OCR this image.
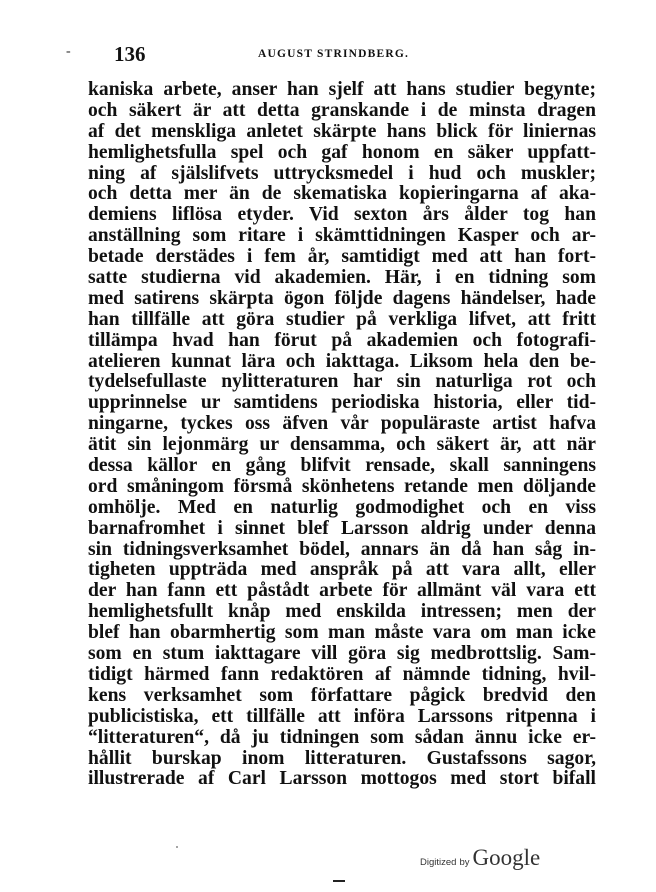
- 136	AUGUST STRINDBERG.
kaniska arbete, anser han sjelf att hans studier begynte;
och säkert är att detta granskande i de minsta dragen
af det menskliga anletet skärpte hans blick för liniernas
hemlighetsfulla spel och gaf honom en säker uppfatt-
ning af själslifvets uttrycksmedel i hud och muskler;
och detta mer än de skematiska kopieringarna af aka-
demiens liflösa etyder. Vid sexton års ålder tog han
anställning som ritare i skämttidningen Kasper och ar-
betade derstädes i fem år, samtidigt med att han fort-
satte studierna vid akademien. Här, i en tidning som
med satirens skärpta ögon följde dagens händelser, hade
han tillfälle att göra studier på verkliga lifvet, att fritt
tillämpa hvad han förut på akademien och fotografi-
atelieren kunnat lära och iakttaga. Liksom hela den be-
tydelsefullaste nylitteraturen har sin naturliga rot och
upprinnelse ur samtidens periodiska historia, eller tid-
ningarne, tyckes oss äfven vår populäraste artist hafva
ätit sin lejonmärg ur densamma, och säkert är, att när
dessa källor en gång blifvit rensade, skall sanningens
ord småningom försmå skönhetens retande men döljande
omhölje. Med en naturlig godmodighet och en viss
barnafromhet i sinnet blef Larsson aldrig under denna
sin tidningsverksamhet bödel, annars än då han såg in-
tigheten uppträda med anspråk på att vara allt, eller
der han fann ett påstådt arbete för allmänt väl vara ett
hemlighetsfullt knåp med enskilda intressen; men der
blef han obarmhertig som man måste vara om man icke
som en stum iakttagare vill göra sig medbrottslig. Sam-
tidigt härmed fann redaktören af nämnde tidning, hvil-
kens verksamhet som författare pågick bredvid den
publicistiska, ett tillfälle att införa Larssons ritpenna i
“litteraturen“, då ju tidningen som sådan ännu icke er-
hållit burskap inom litteraturen. Gustafssons sagor,
illustrerade af Carl Larsson mottogos med stort bifall
Digitized by Google
